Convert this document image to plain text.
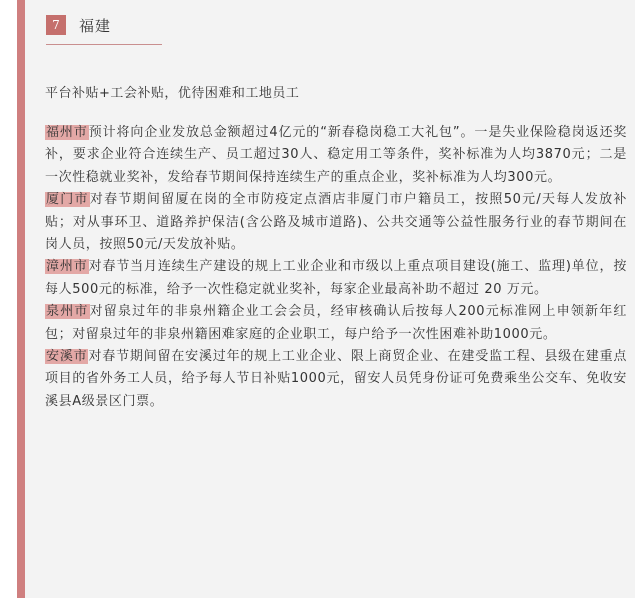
7	福建
平台补贴+工会补贴，优待困难和工地员工

福州市预计将向企业发放总金额超过4亿元的“新春稳岗稳工大礼包”。一是失业保险稳岗返还奖补，要求企业符合连续生产、员工超过30人、稳定用工等条件，奖补标准为人均3870元；二是一次性稳就业奖补，发给春节期间保持连续生产的重点企业，奖补标准为人均300元。

厦门市对春节期间留厦在岗的全市防疫定点酒店非厦门市户籍员工，按照50元/天每人发放补贴；对从事环卫、道路养护保洁(含公路及城市道路)、公共交通等公益性服务行业的春节期间在岗人员，按照50元/天发放补贴。

漳州市对春节当月连续生产建设的规上工业企业和市级以上重点项目建设(施工、监理)单位，按每人500元的标准，给予一次性稳定就业奖补，每家企业最高补助不超过 20 万元。

泉州市对留泉过年的非泉州籍企业工会会员，经审核确认后按每人200元标准网上申领新年红包；对留泉过年的非泉州籍困难家庭的企业职工，每户给予一次性困难补助1000元。

安溪市对春节期间留在安溪过年的规上工业企业、限上商贸企业、在建受监工程、县级在建重点项目的省外务工人员，给予每人节日补贴1000元，留安人员凭身份证可免费乘坐公交车、免收安溪县A级景区门票。
